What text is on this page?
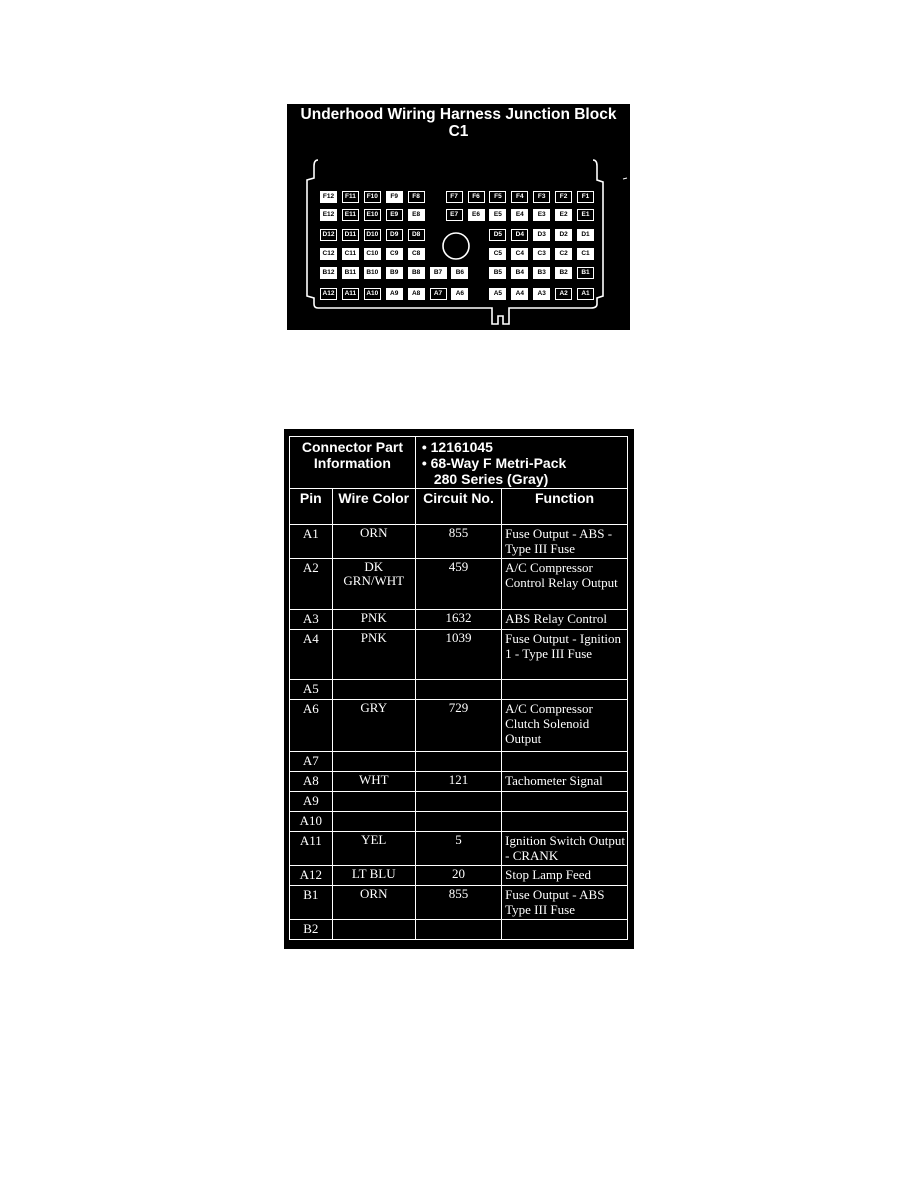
Underhood Wiring Harness Junction Block
C1
F12	F11	F10	F9	F8	F7	F6	F5	F4	F3	F2	F1
E12	E11	E10	E9	E8	E7	E6	E5	E4	E3	E2	E1
D12	D11	D10	D9	D8	D5	D4	D3	D2	D1
C12	C11	C10	C9	C8	C5	C4	C3	C2	C1
B12	B11	B10	B9	B8	B7	B6	B5	B4	B3	B2	B1
A12	A11	A10	A9	A8	A7	A6	A5	A4	A3	A2	A1
Connector Part Information		• 12161045
• 68-Way F Metri-Pack
280 Series (Gray)	

Pin	Wire Color	Circuit No.	Function
A1	ORN	855	Fuse Output - ABS - Type III Fuse
A2	DK GRN/WHT	459	A/C Compressor Control Relay Output
A3	PNK	1632	ABS Relay Control
A4	PNK	1039	Fuse Output - Ignition 1 - Type III Fuse
A5			
A6	GRY	729	A/C Compressor Clutch Solenoid Output
A7			
A8	WHT	121	Tachometer Signal
A9			
A10			
A11	YEL	5	Ignition Switch Output - CRANK
A12	LT BLU	20	Stop Lamp Feed
B1	ORN	855	Fuse Output - ABS Type III Fuse
B2			
